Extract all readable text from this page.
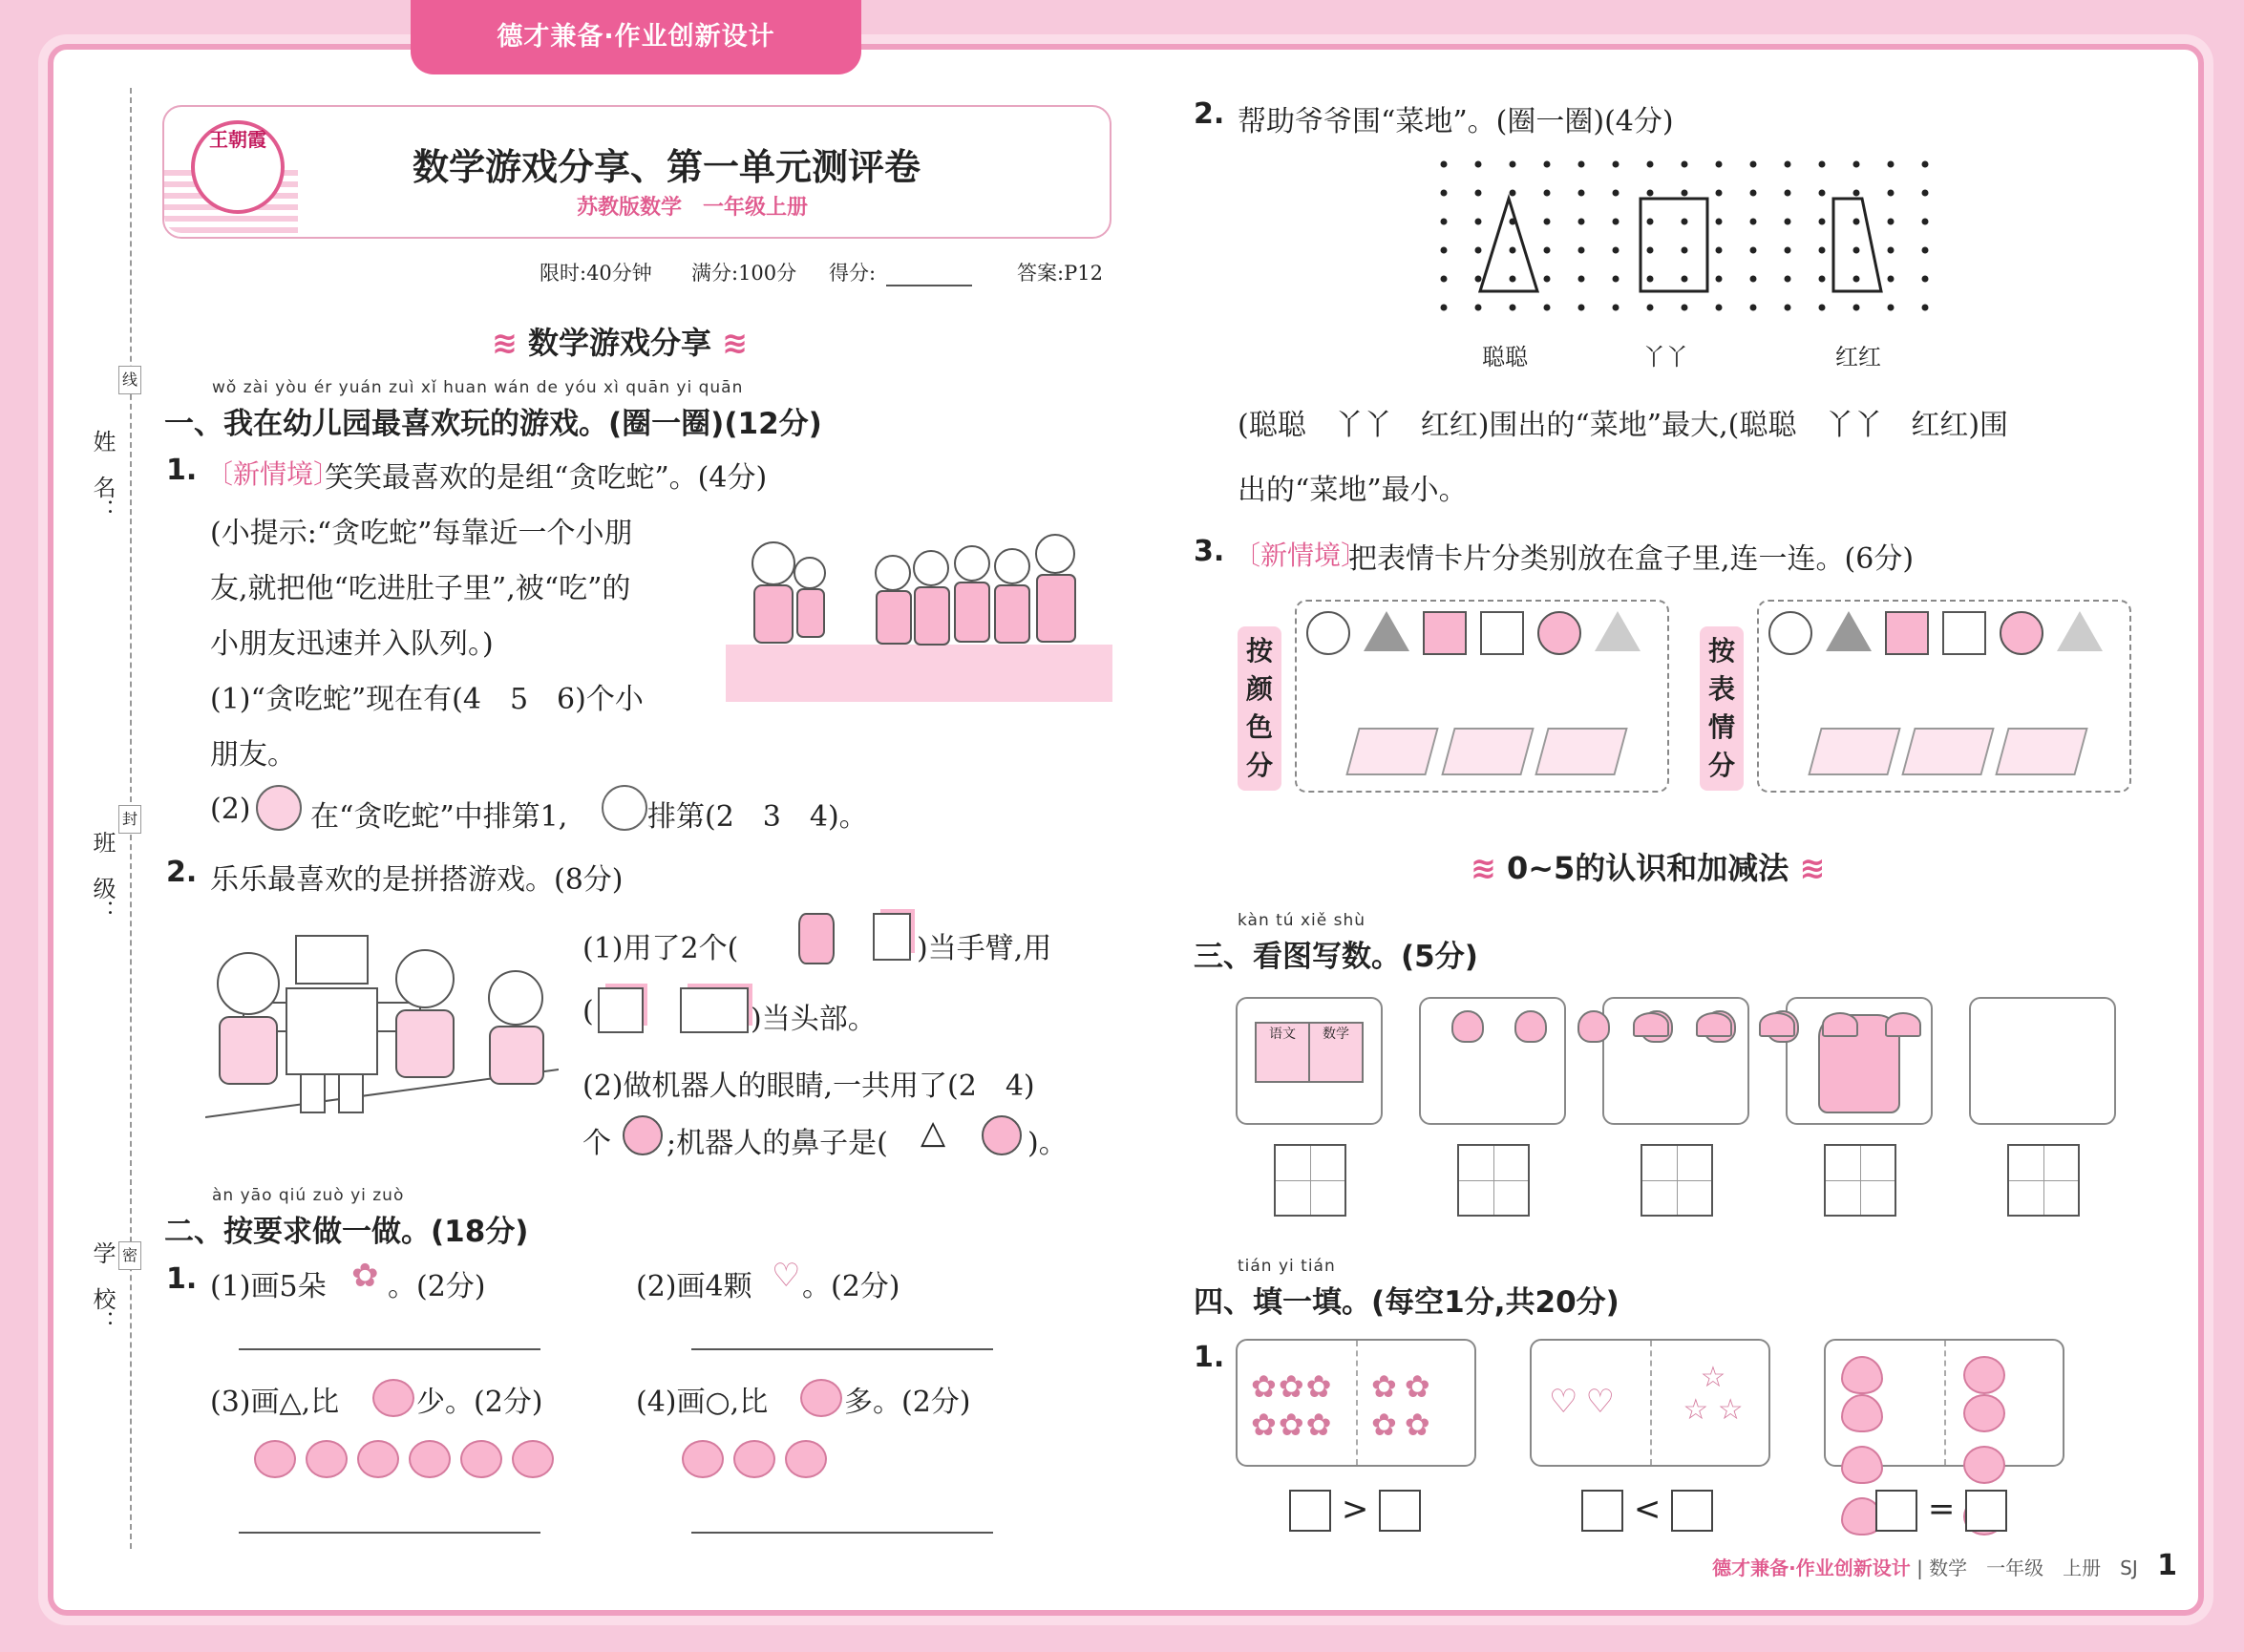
德才兼备·作业创新设计
姓　名：
班　级：
学　校：
线
封
密
王朝霞
数学游戏分享、第一单元测评卷
苏教版数学　一年级上册
限时:40分钟 满分:100分 得分:	答案:P12
≋ 数学游戏分享 ≋
wǒ zài yòu ér yuán zuì xǐ huan wán de yóu xì quān yi quān
一、我在幼儿园最喜欢玩的游戏。(圈一圈)(12分)
1. 〔新情境〕
笑笑最喜欢的是组“贪吃蛇”。(4分)
(小提示:“贪吃蛇”每靠近一个小朋
友,就把他“吃进肚子里”,被“吃”的
小朋友迅速并入队列。)
(1)“贪吃蛇”现在有(4　5　6)个小
朋友。
(2) 在“贪吃蛇”中排第1,	排第(2　3　4)。
2. 乐乐最喜欢的是拼搭游戏。(8分)
(1)用了2个(	)当手臂,用
(	)当头部。
(2)做机器人的眼睛,一共用了(2　4)
个 ;机器人的鼻子是( △	)。
àn yāo qiú zuò yi zuò
二、按要求做一做。(18分)
1. (1)画5朵 ✿ 。(2分)	(2)画4颗 ♡ 。(2分)
(3)画△,比	少。(2分)	(4)画○,比	多。(2分)
2. 帮助爷爷围“菜地”。(圈一圈)(4分)
聪聪	丫丫	红红
(聪聪　丫丫　红红)围出的“菜地”最大,(聪聪　丫丫　红红)围
出的“菜地”最小。
3. 〔新情境〕
把表情卡片分类别放在盒子里,连一连。(6分)
按颜色分
按表情分
≋ 0~5的认识和加减法 ≋
kàn tú xiě shù
三、看图写数。(5分)
语文	数学
tián yi tián
四、填一填。(每空1分,共20分)
1.
✿✿✿
✿✿✿
✿✿
✿✿
♡♡
☆
☆ ☆

>	<	=
德才兼备·作业创新设计 | 数学　一年级　上册　SJ 1
